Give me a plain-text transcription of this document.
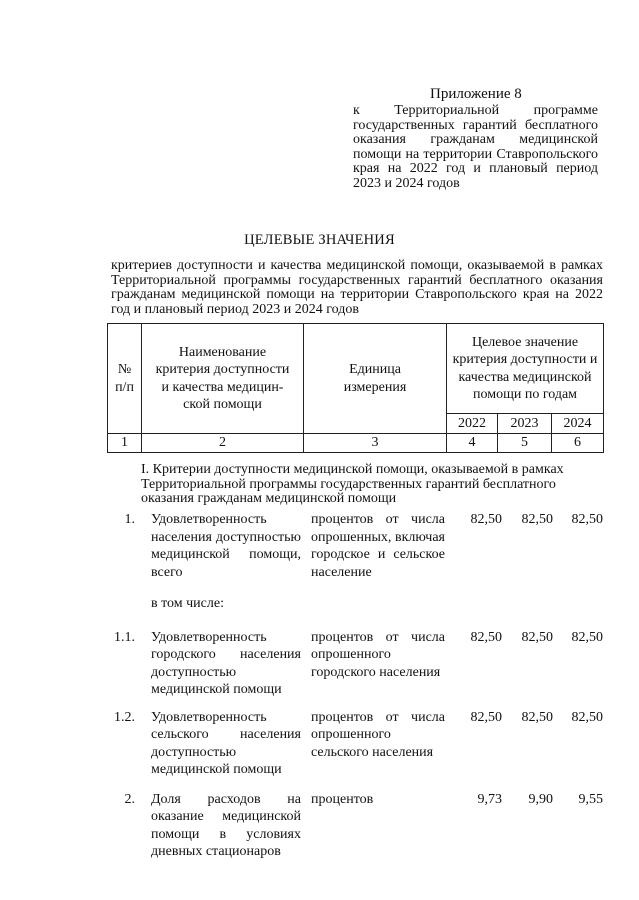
Приложение 8
к Территориальной программе государственных гарантий бесплатного оказания гражданам медицинской помощи на территории Ставропольского края на 2022 год и плановый период 2023 и 2024 годов
ЦЕЛЕВЫЕ ЗНАЧЕНИЯ
критериев доступности и качества медицинской помощи, оказываемой в рамках Территориальной программы государственных гарантий бесплатного оказания гражданам медицинской помощи на территории Ставропольского края на 2022 год и плановый период 2023 и 2024 годов
№ п/п	Наименование критерия доступности и качества медицин-ской помощи	Единица измерения	Целевое значение критерия доступности и качества медицинской помощи по годам		
			2022	2023	2024
1	2	3	4	5	6
I. Критерии доступности медицинской помощи, оказываемой в рамках Территориальной программы государственных гарантий бесплатного оказания гражданам медицинской помощи
1.	Удовлетворенность населения доступностью медицинской помощи, всего	процентов от числа опрошенных, включая городское и сельское население	82,50	82,50	82,50

	в том числе:				

1.1.	Удовлетворенность городского населения доступностью медицинской помощи	процентов от числа опрошенного городского населения	82,50	82,50	82,50

1.2.	Удовлетворенность сельского населения доступностью медицинской помощи	процентов от числа опрошенного сельского населения	82,50	82,50	82,50

2.	Доля расходов на оказание медицинской помощи в условиях дневных стационаров	процентов	9,73	9,90	9,55
